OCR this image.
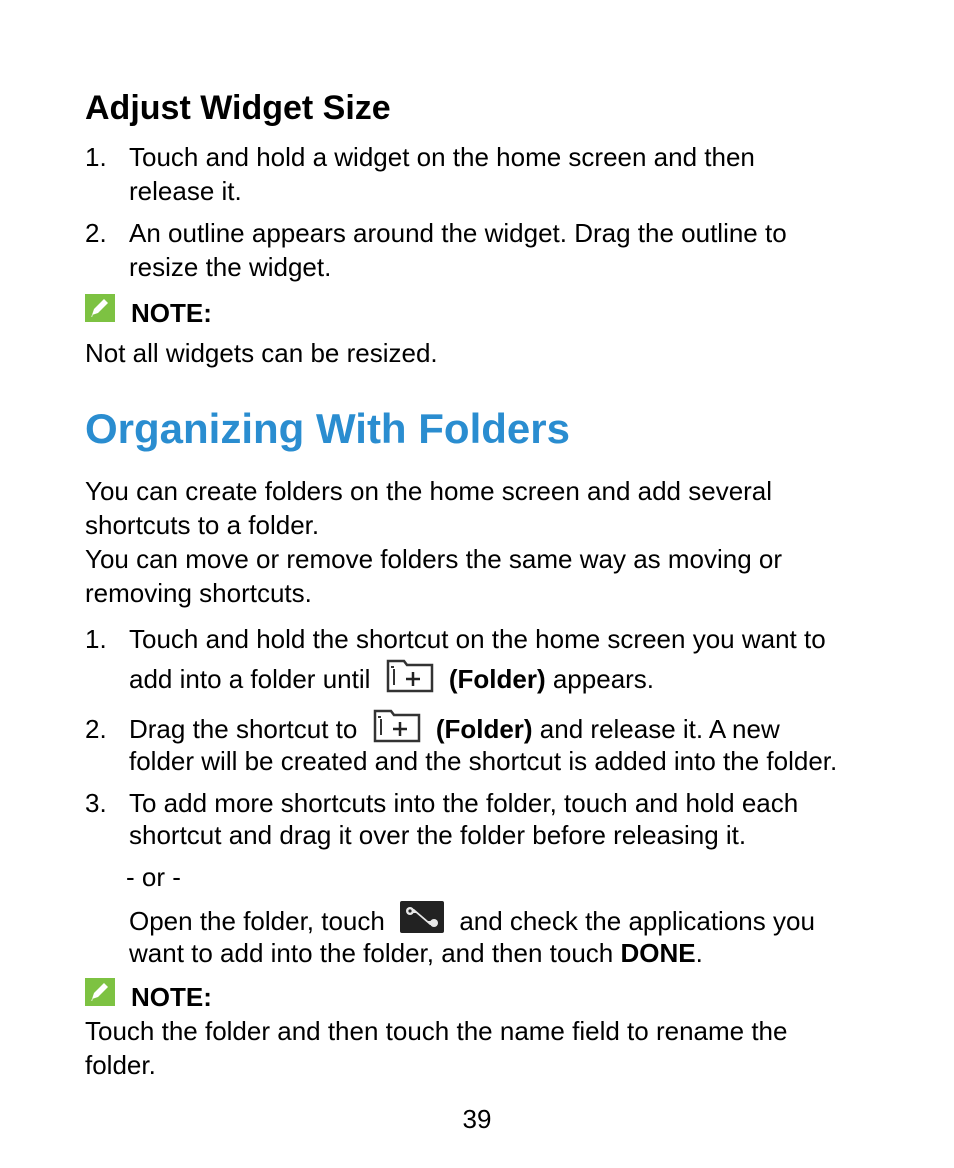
Adjust Widget Size
1. Touch and hold a widget on the home screen and then
release it.
2. An outline appears around the widget. Drag the outline to
resize the widget.
NOTE:
Not all widgets can be resized.
Organizing With Folders
You can create folders on the home screen and add several
shortcuts to a folder.
You can move or remove folders the same way as moving or
removing shortcuts.
1. Touch and hold the shortcut on the home screen you want to
add into a folder until	(Folder) appears.
2. Drag the shortcut to	(Folder) and release it. A new
folder will be created and the shortcut is added into the folder.
3. To add more shortcuts into the folder, touch and hold each
shortcut and drag it over the folder before releasing it.
- or -
Open the folder, touch	and check the applications you
want to add into the folder, and then touch DONE.
NOTE:
Touch the folder and then touch the name field to rename the
folder.
39
